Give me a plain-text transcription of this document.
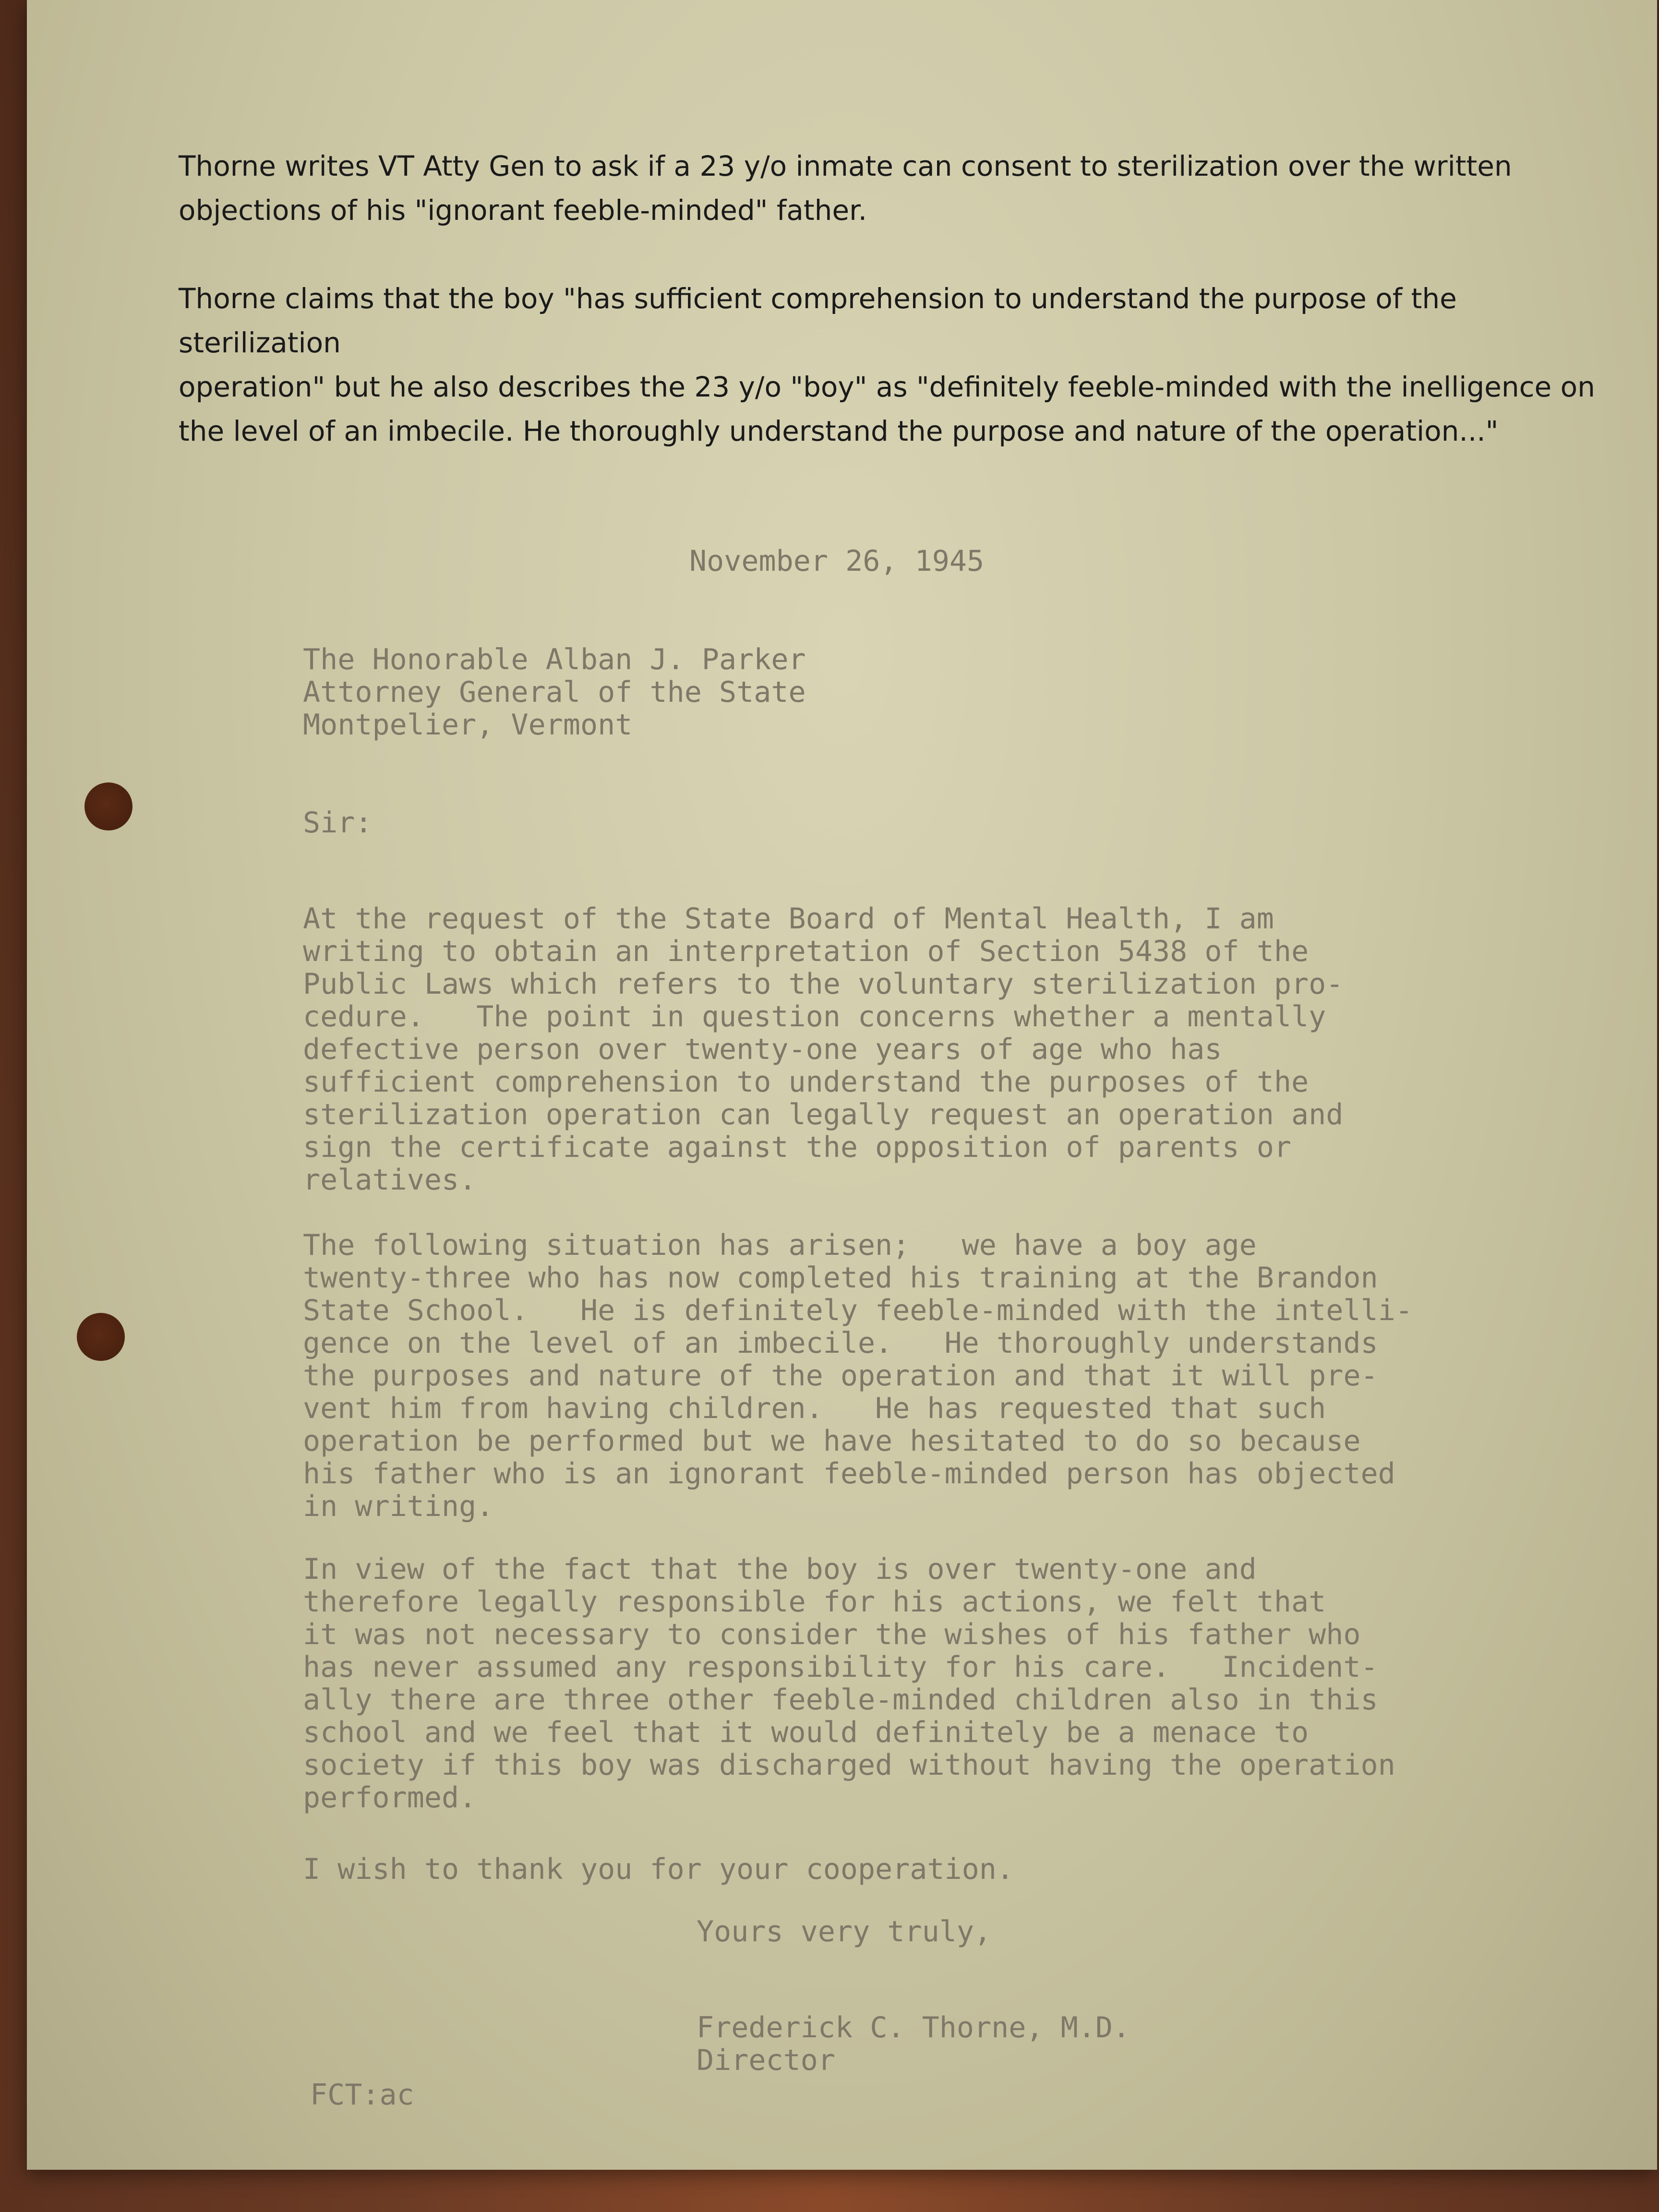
Thorne writes VT Atty Gen to ask if a 23 y/o inmate can consent to sterilization over the written
objections of his "ignorant feeble-minded" father.

Thorne claims that the boy "has sufficient comprehension to understand the purpose of the sterilization
operation" but he also describes the 23 y/o "boy" as "definitely feeble-minded with the inelligence on
the level of an imbecile. He thoroughly understand the purpose and nature of the operation..."

November 26, 1945

The Honorable Alban J. Parker
Attorney General of the State
Montpelier, Vermont

Sir:

At the request of the State Board of Mental Health, I am
writing to obtain an interpretation of Section 5438 of the
Public Laws which refers to the voluntary sterilization pro-
cedure.   The point in question concerns whether a mentally
defective person over twenty-one years of age who has
sufficient comprehension to understand the purposes of the
sterilization operation can legally request an operation and
sign the certificate against the opposition of parents or
relatives.

The following situation has arisen;   we have a boy age
twenty-three who has now completed his training at the Brandon
State School.   He is definitely feeble-minded with the intelli-
gence on the level of an imbecile.   He thoroughly understands
the purposes and nature of the operation and that it will pre-
vent him from having children.   He has requested that such
operation be performed but we have hesitated to do so because
his father who is an ignorant feeble-minded person has objected
in writing.

In view of the fact that the boy is over twenty-one and
therefore legally responsible for his actions, we felt that
it was not necessary to consider the wishes of his father who
has never assumed any responsibility for his care.   Incident-
ally there are three other feeble-minded children also in this
school and we feel that it would definitely be a menace to
society if this boy was discharged without having the operation
performed.

I wish to thank you for your cooperation.

Yours very truly,

Frederick C. Thorne, M.D.
Director

FCT:ac
